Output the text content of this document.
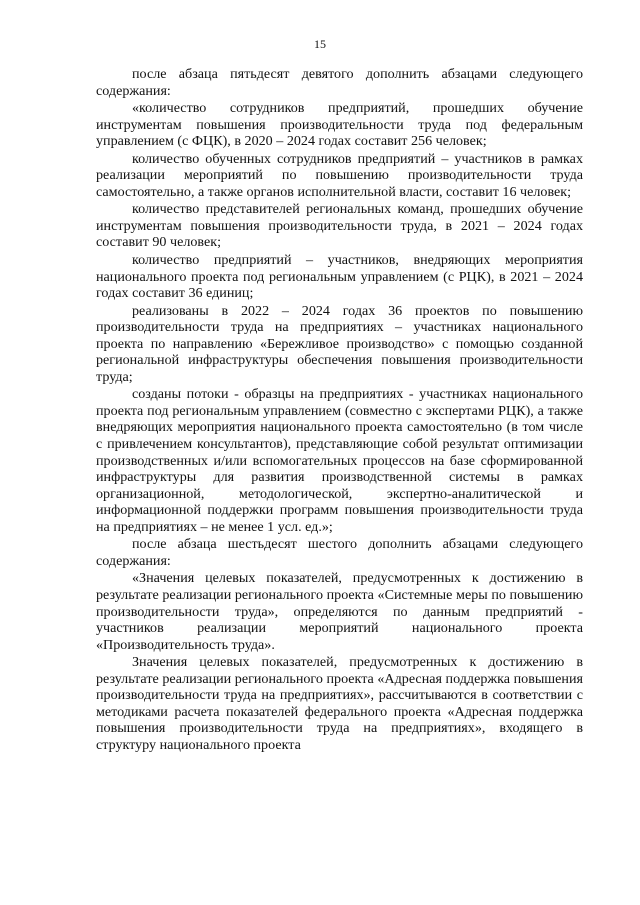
15

после абзаца пятьдесят девятого дополнить абзацами следующего содержания:

«количество сотрудников предприятий, прошедших обучение инструментам повышения производительности труда под федеральным управлением (с ФЦК), в 2020 – 2024 годах составит 256 человек;

количество обученных сотрудников предприятий – участников в рамках реализации мероприятий по повышению производительности труда самостоятельно, а также органов исполнительной власти, составит 16 человек;

количество представителей региональных команд, прошедших обучение инструментам повышения производительности труда, в 2021 – 2024 годах составит 90 человек;

количество предприятий – участников, внедряющих мероприятия национального проекта под региональным управлением (с РЦК), в 2021 – 2024 годах составит 36 единиц;

реализованы в 2022 – 2024 годах 36 проектов по повышению производительности труда на предприятиях – участниках национального проекта по направлению «Бережливое производство» с помощью созданной региональной инфраструктуры обеспечения повышения производительности труда;

созданы потоки - образцы на предприятиях - участниках национального проекта под региональным управлением (совместно с экспертами РЦК), а также внедряющих мероприятия национального проекта самостоятельно (в том числе с привлечением консультантов), представляющие собой результат оптимизации производственных и/или вспомогательных процессов на базе сформированной инфраструктуры для развития производственной системы в рамках организационной, методологической, экспертно-аналитической и информационной поддержки программ повышения производительности труда на предприятиях – не менее 1 усл. ед.»;

после абзаца шестьдесят шестого дополнить абзацами следующего содержания:

«Значения целевых показателей, предусмотренных к достижению в результате реализации регионального проекта «Системные меры по повышению производительности труда», определяются по данным предприятий - участников реализации мероприятий национального проекта «Производительность труда».

Значения целевых показателей, предусмотренных к достижению в результате реализации регионального проекта «Адресная поддержка повышения производительности труда на предприятиях», рассчитываются в соответствии с методиками расчета показателей федерального проекта «Адресная поддержка повышения производительности труда на предприятиях», входящего в структуру национального проекта
